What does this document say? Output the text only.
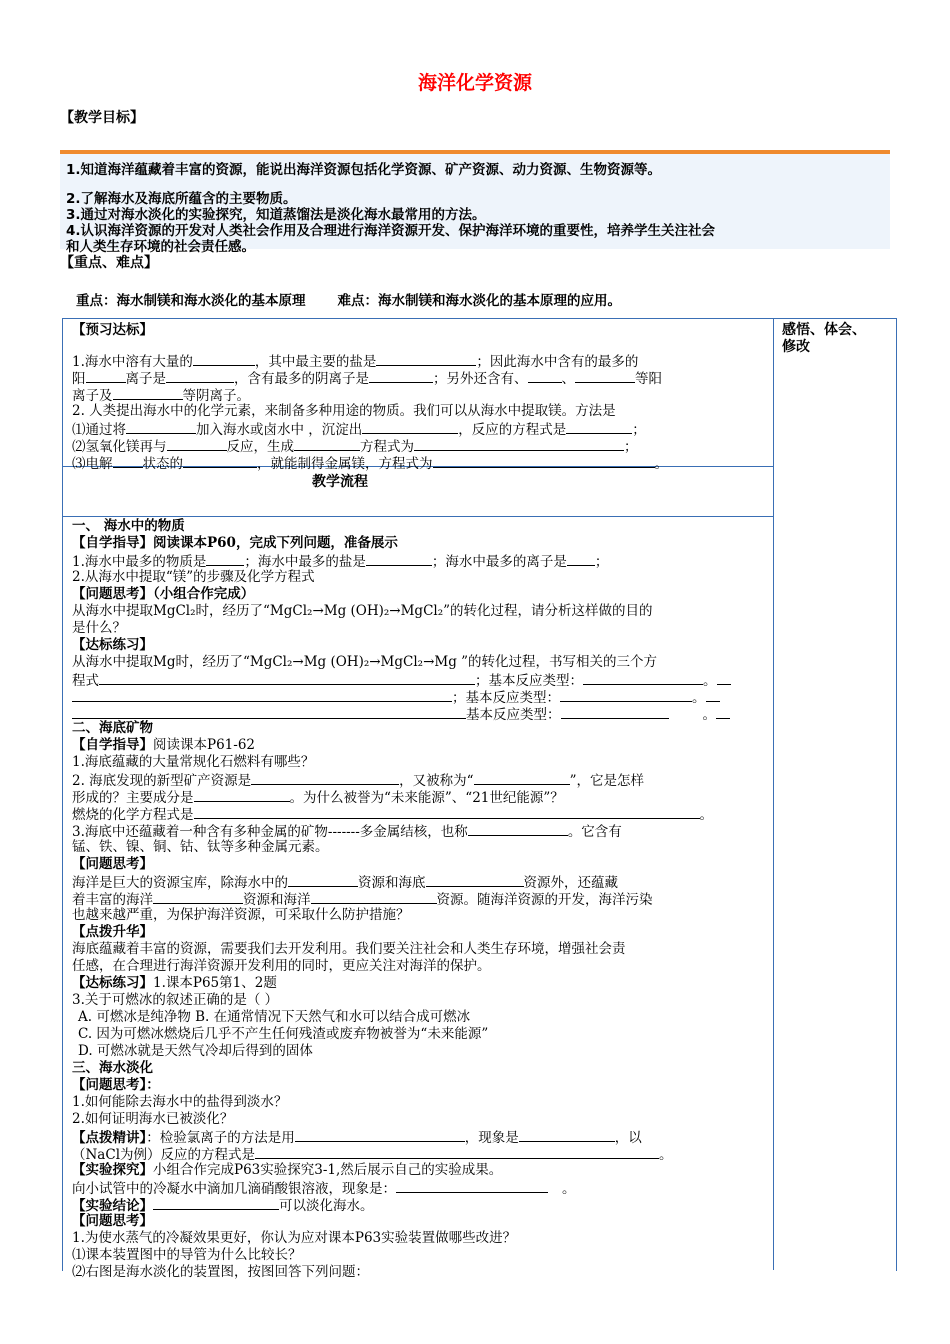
海洋化学资源
【教学目标】
1.知道海洋蕴藏着丰富的资源，能说出海洋资源包括化学资源、矿产资源、动力资源、生物资源等。
2.了解海水及海底所蕴含的主要物质。
3.通过对海水淡化的实验探究，知道蒸馏法是淡化海水最常用的方法。
4.认识海洋资源的开发对人类社会作用及合理进行海洋资源开发、保护海洋环境的重要性，培养学生关注社会
和人类生存环境的社会责任感。
【重点、难点】
重点：海水制镁和海水淡化的基本原理 难点：海水制镁和海水淡化的基本原理的应用。
感悟、体会、
修改
【预习达标】
1.海水中溶有大量的	，其中最主要的盐是	；因此海水中含有的最多的
阳	离子是	，含有最多的阴离子是	；另外还含有、	、	等阳
离子及	等阴离子。
2. 人类提出海水中的化学元素，来制备多种用途的物质。我们可以从海水中提取镁。方法是
⑴通过将	加入海水或卤水中 ，沉淀出	，反应的方程式是	；
⑵氢氧化镁再与	反应，生成	方程式为	；
⑶电解 状态的	，就能制得金属镁，方程式为	。
教学流程
一、 海水中的物质
【自学指导】阅读课本P60，完成下列问题，准备展示
1.海水中最多的物质是	；海水中最多的盐是	；海水中最多的离子是 ；
2.从海水中提取“镁”的步骤及化学方程式
【问题思考】（小组合作完成）
从海水中提取MgCl₂时，经历了“MgCl₂→Mg (OH)₂→MgCl₂”的转化过程，请分析这样做的目的
是什么？
【达标练习】
从海水中提取Mg时，经历了“MgCl₂→Mg (OH)₂→MgCl₂→Mg ”的转化过程，书写相关的三个方
程式	；基本反应类型：	。
；基本反应类型：	。
基本反应类型：	。
二、海底矿物
【自学指导】阅读课本P61-62
1.海底蕴藏的大量常规化石燃料有哪些？
2. 海底发现的新型矿产资源是	，又被称为“	”，它是怎样
形成的？主要成分是	。为什么被誉为“未来能源”、“21世纪能源”？
燃烧的化学方程式是	。
3.海底中还蕴藏着一种含有多种金属的矿物-------多金属结核，也称	。它含有
锰、铁、镍、铜、钴、钛等多种金属元素。
【问题思考】
海洋是巨大的资源宝库，除海水中的	资源和海底	资源外，还蕴藏
着丰富的海洋	资源和海洋	资源。随海洋资源的开发，海洋污染
也越来越严重，为保护海洋资源，可采取什么防护措施？
【点拨升华】
海底蕴藏着丰富的资源，需要我们去开发利用。我们要关注社会和人类生存环境，增强社会责
任感，在合理进行海洋资源开发利用的同时，更应关注对海洋的保护。
【达标练习】1.课本P65第1、2题
3.关于可燃冰的叙述正确的是（ ）
A. 可燃冰是纯净物 B. 在通常情况下天然气和水可以结合成可燃冰
C. 因为可燃冰燃烧后几乎不产生任何残渣或废弃物被誉为“未来能源”
D. 可燃冰就是天然气冷却后得到的固体
三、海水淡化
【问题思考】：
1.如何能除去海水中的盐得到淡水？
2.如何证明海水已被淡化？
【点拨精讲】：检验氯离子的方法是用	，现象是	，以
（NaCl为例）反应的方程式是	。
【实验探究】小组合作完成P63实验探究3-1,然后展示自己的实验成果。
向小试管中的冷凝水中滴加几滴硝酸银溶液，现象是：	。
【实验结论】	可以淡化海水。
【问题思考】
1.为使水蒸气的冷凝效果更好，你认为应对课本P63实验装置做哪些改进？
⑴课本装置图中的导管为什么比较长？
⑵右图是海水淡化的装置图，按图回答下列问题：
